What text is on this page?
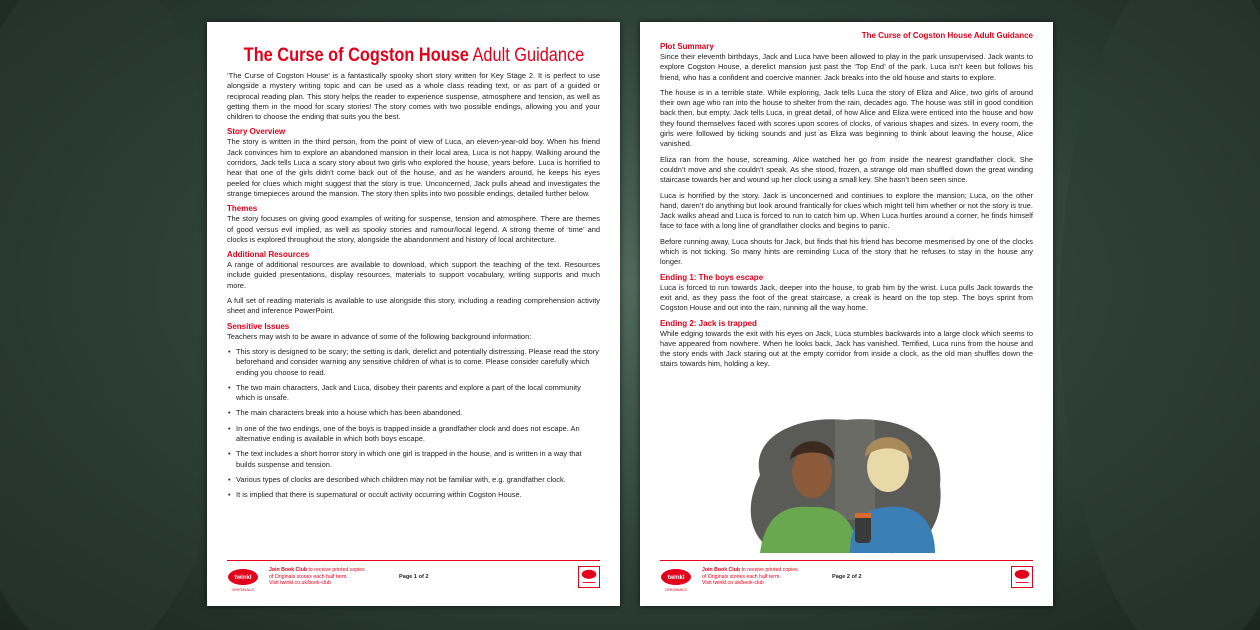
The Curse of Cogston House Adult Guidance

‘The Curse of Cogston House’ is a fantastically spooky short story written for Key Stage 2. It is perfect to use alongside a mystery writing topic and can be used as a whole class reading text, or as part of a guided or reciprocal reading plan. This story helps the reader to experience suspense, atmosphere and tension, as well as getting them in the mood for scary stories! The story comes with two possible endings, allowing you and your children to choose the ending that suits you the best.

Story Overview

The story is written in the third person, from the point of view of Luca, an eleven-year-old boy. When his friend Jack convinces him to explore an abandoned mansion in their local area, Luca is not happy. Walking around the corridors, Jack tells Luca a scary story about two girls who explored the house, years before. Luca is horrified to hear that one of the girls didn’t come back out of the house, and as he wanders around, he keeps his eyes peeled for clues which might suggest that the story is true. Unconcerned, Jack pulls ahead and investigates the strange timepieces around the mansion. The story then splits into two possible endings, detailed further below.

Themes

The story focuses on giving good examples of writing for suspense, tension and atmosphere. There are themes of good versus evil implied, as well as spooky stories and rumour/local legend. A strong theme of ‘time’ and clocks is explored throughout the story, alongside the abandonment and history of local architecture.

Additional Resources

A range of additional resources are available to download, which support the teaching of the text. Resources include guided presentations, display resources, materials to support vocabulary, writing supports and much more.

A full set of reading materials is available to use alongside this story, including a reading comprehension activity sheet and inference PowerPoint.

Sensitive Issues

Teachers may wish to be aware in advance of some of the following background information:

• This story is designed to be scary; the setting is dark, derelict and potentially distressing. Please read the story beforehand and consider warning any sensitive children of what is to come. Please consider carefully which ending you choose to read.
• The two main characters, Jack and Luca, disobey their parents and explore a part of the local community which is unsafe.
• The main characters break into a house which has been abandoned.
• In one of the two endings, one of the boys is trapped inside a grandfather clock and does not escape. An alternative ending is available in which both boys escape.
• The text includes a short horror story in which one girl is trapped in the house, and is written in a way that builds suspense and tension.
• Various types of clocks are described which children may not be familiar with, e.g. grandfather clock.
• It is implied that there is supernatural or occult activity occurring within Cogston House.
twinkl
ORIGINALS
Join Book Club to receive printed copies
of Originals stories each half term.
Visit twinkl.co.uk/book-club
Page 1 of 2
The Curse of Cogston House Adult Guidance
Plot Summary

Since their eleventh birthdays, Jack and Luca have been allowed to play in the park unsupervised. Jack wants to explore Cogston House, a derelict mansion just past the ‘Top End’ of the park. Luca isn’t keen but follows his friend, who has a confident and coercive manner. Jack breaks into the old house and starts to explore.

The house is in a terrible state. While exploring, Jack tells Luca the story of Eliza and Alice, two girls of around their own age who ran into the house to shelter from the rain, decades ago. The house was still in good condition back then, but empty. Jack tells Luca, in great detail, of how Alice and Eliza were enticed into the house and how they found themselves faced with scores upon scores of clocks, of various shapes and sizes. In every room, the girls were followed by ticking sounds and just as Eliza was beginning to think about leaving the house, Alice vanished.

Eliza ran from the house, screaming. Alice watched her go from inside the nearest grandfather clock. She couldn’t move and she couldn’t speak. As she stood, frozen, a strange old man shuffled down the great winding staircase towards her and wound up her clock using a small key. She hasn’t been seen since.

Luca is horrified by the story. Jack is unconcerned and continues to explore the mansion; Luca, on the other hand, daren’t do anything but look around frantically for clues which might tell him whether or not the story is true. Jack walks ahead and Luca is forced to run to catch him up. When Luca hurtles around a corner, he finds himself face to face with a long line of grandfather clocks and begins to panic.

Before running away, Luca shouts for Jack, but finds that his friend has become mesmerised by one of the clocks which is not ticking. So many hints are reminding Luca of the story that he refuses to stay in the house any longer.

Ending 1: The boys escape

Luca is forced to run towards Jack, deeper into the house, to grab him by the wrist. Luca pulls Jack towards the exit and, as they pass the foot of the great staircase, a creak is heard on the top step. The boys sprint from Cogston House and out into the rain, running all the way home.

Ending 2: Jack is trapped

While edging towards the exit with his eyes on Jack, Luca stumbles backwards into a large clock which seems to have appeared from nowhere. When he looks back, Jack has vanished. Terrified, Luca runs from the house and the story ends with Jack staring out at the empty corridor from inside a clock, as the old man shuffles down the stairs towards him, holding a key.

twinkl
ORIGINALS
Join Book Club to receive printed copies
of Originals stories each half term.
Visit twinkl.co.uk/book-club
Page 2 of 2
